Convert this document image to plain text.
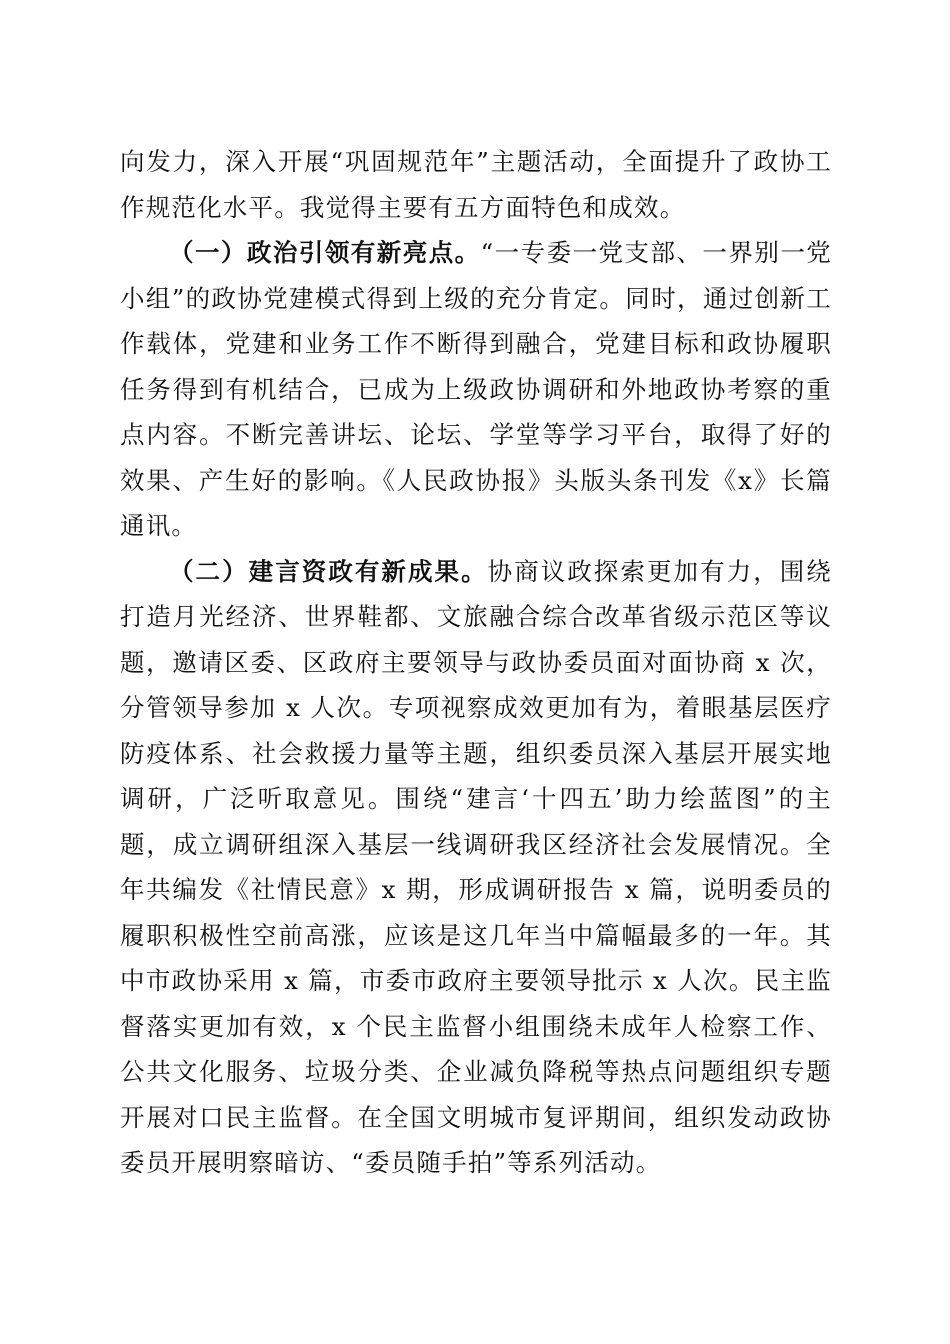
向发力，深入开展“巩固规范年”主题活动，全面提升了政协工作规范化水平。我觉得主要有五方面特色和成效。

（一）政治引领有新亮点。“一专委一党支部、一界别一党小组”的政协党建模式得到上级的充分肯定。同时，通过创新工作载体，党建和业务工作不断得到融合，党建目标和政协履职任务得到有机结合，已成为上级政协调研和外地政协考察的重点内容。不断完善讲坛、论坛、学堂等学习平台，取得了好的效果、产生好的影响。《人民政协报》头版头条刊发《x》长篇通讯。

（二）建言资政有新成果。协商议政探索更加有力，围绕打造月光经济、世界鞋都、文旅融合综合改革省级示范区等议题，邀请区委、区政府主要领导与政协委员面对面协商 x 次，分管领导参加 x 人次。专项视察成效更加有为，着眼基层医疗防疫体系、社会救援力量等主题，组织委员深入基层开展实地调研，广泛听取意见。围绕“建言‘十四五’助力绘蓝图”的主题，成立调研组深入基层一线调研我区经济社会发展情况。全年共编发《社情民意》x 期，形成调研报告 x 篇，说明委员的履职积极性空前高涨，应该是这几年当中篇幅最多的一年。其中市政协采用 x 篇，市委市政府主要领导批示 x 人次。民主监督落实更加有效，x 个民主监督小组围绕未成年人检察工作、公共文化服务、垃圾分类、企业减负降税等热点问题组织专题开展对口民主监督。在全国文明城市复评期间，组织发动政协委员开展明察暗访、“委员随手拍”等系列活动。
